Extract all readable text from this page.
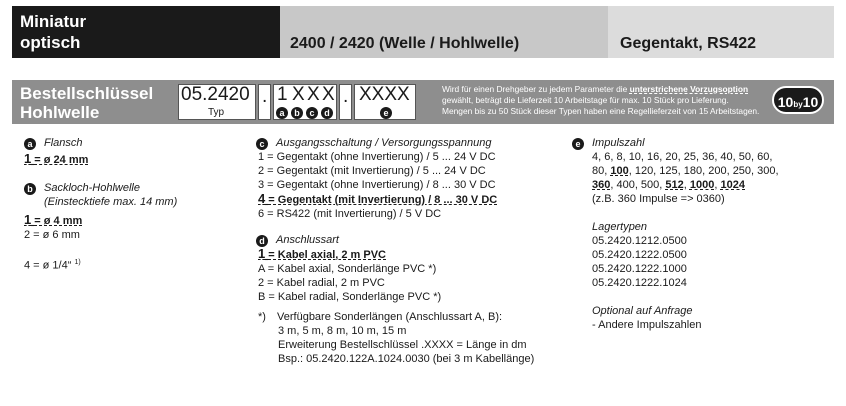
Miniatur
optisch	2400 / 2420 (Welle / Hohlwelle)	Gegentakt, RS422
Bestellschlüssel
Hohlwelle
05.2420
Typ
. 1 X X X
a	b	c	d
. XXXX
e
Wird für einen Drehgeber zu jedem Parameter die unterstrichene Vorzugsoption
gewählt, beträgt die Lieferzeit 10 Arbeitstage für max. 10 Stück pro Lieferung.
Mengen bis zu 50 Stück dieser Typen haben eine Regellieferzeit von 15 Arbeitstagen.
10by10
a Flansch
1 = ø 24 mm
b Sackloch-Hohlwelle
(Einstecktiefe max. 14 mm)
1 = ø 4 mm
2 = ø 6 mm
4 = ø 1/4“ $^{1)}$
c Ausgangsschaltung / Versorgungsspannung
1 = Gegentakt (ohne Invertierung) / 5 ... 24 V DC
2 = Gegentakt (mit Invertierung) / 5 ... 24 V DC
3 = Gegentakt (ohne Invertierung) / 8 ... 30 V DC
4 = Gegentakt (mit Invertierung) / 8 ... 30 V DC
6 = RS422 (mit Invertierung) / 5 V DC
d Anschlussart
1 = Kabel axial, 2 m PVC
A = Kabel axial, Sonderlänge PVC *)
2 = Kabel radial, 2 m PVC
B = Kabel radial, Sonderlänge PVC *)
*) Verfügbare Sonderlängen (Anschlussart A, B):
3 m, 5 m, 8 m, 10 m, 15 m
Erweiterung Bestellschlüssel .XXXX = Länge in dm
Bsp.: 05.2420.122A.1024.0030 (bei 3 m Kabellänge)
e Impulszahl
4, 6, 8, 10, 16, 20, 25, 36, 40, 50, 60,
80, 100, 120, 125, 180, 200, 250, 300,
360, 400, 500, 512, 1000, 1024
(z.B. 360 Impulse => 0360)
Lagertypen
05.2420.1212.0500
05.2420.1222.0500
05.2420.1222.1000
05.2420.1222.1024
Optional auf Anfrage
- Andere Impulszahlen
